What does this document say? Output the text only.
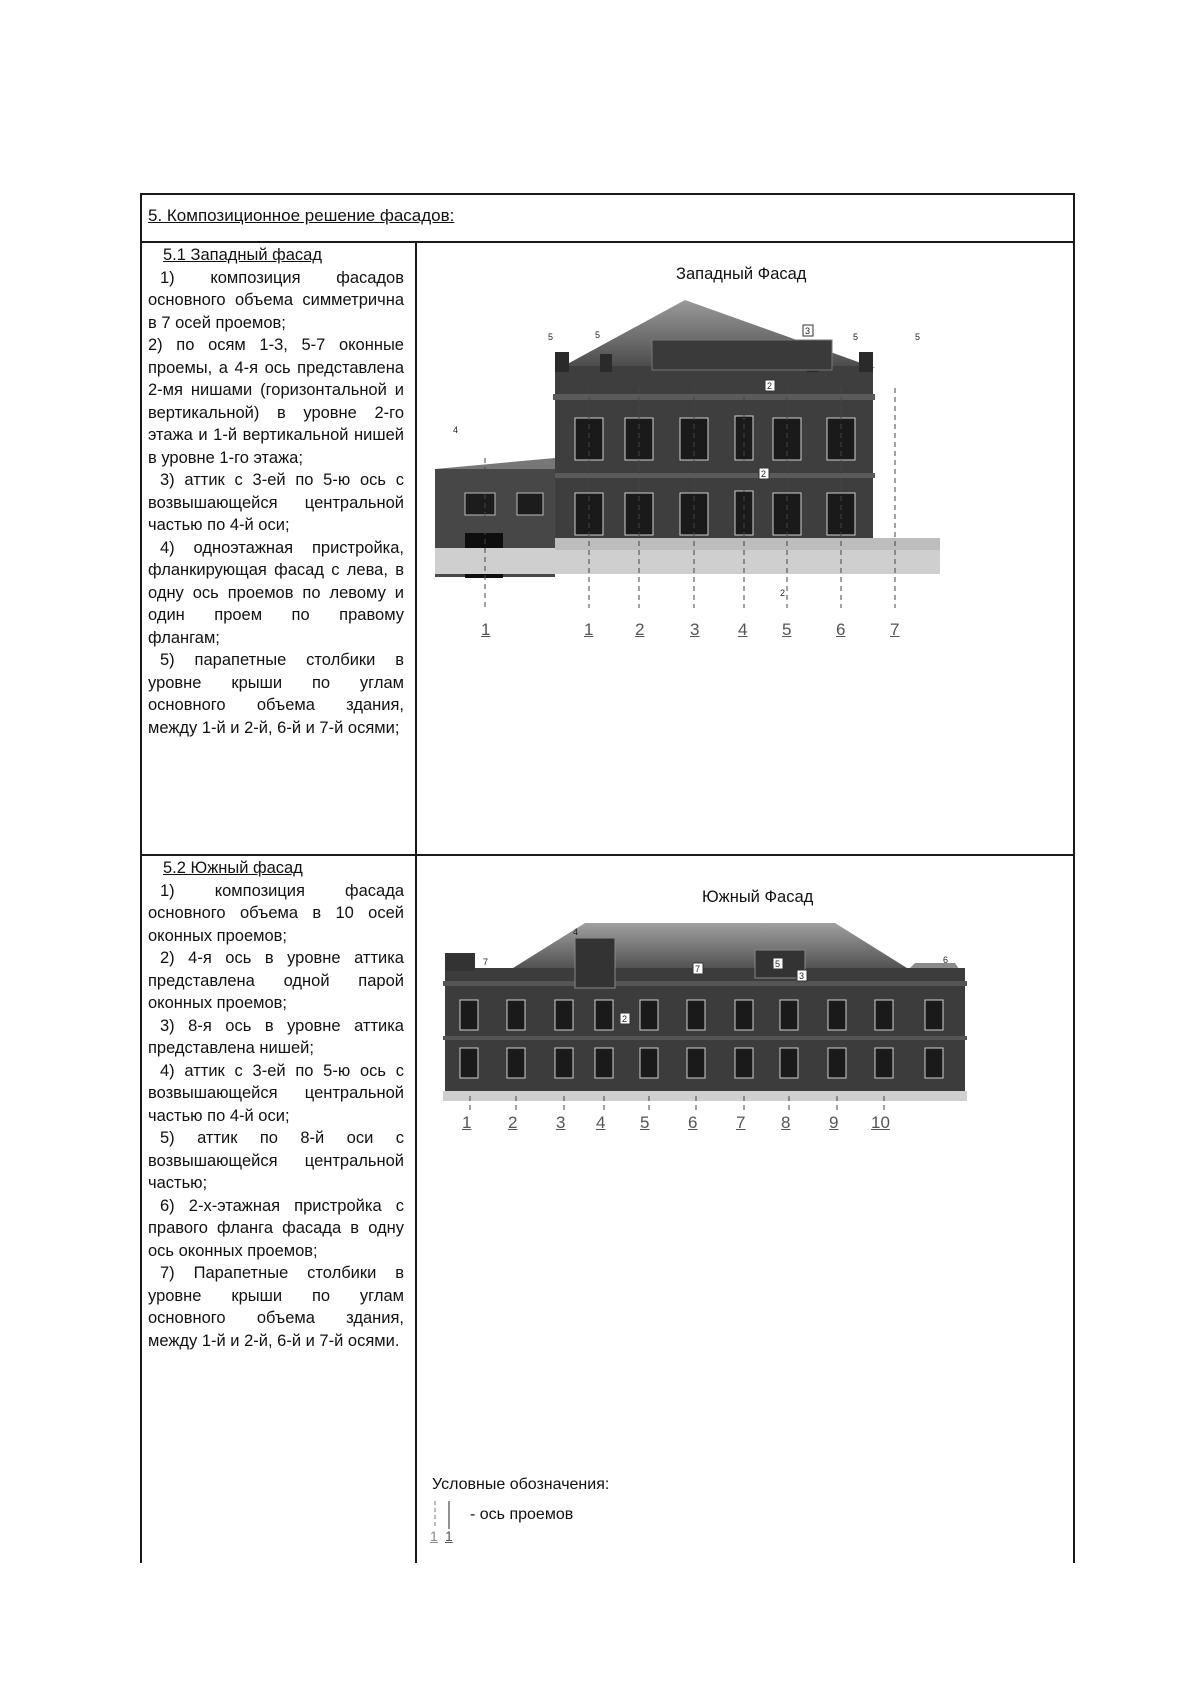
5. Композиционное решение фасадов:
5.1 Западный фасад

1) композиция фасадов основного объема симметрична в 7 осей проемов;

2) по осям 1-3, 5-7 оконные проемы, а 4-я ось представлена 2-мя нишами (горизонтальной и вертикальной) в уровне 2-го этажа и 1-й вертикальной нишей в уровне 1-го этажа;

3) аттик с 3-ей по 5-ю ось с возвышающейся центральной частью по 4-й оси;

4) одноэтажная пристройка, фланкирующая фасад с лева, в одну ось проемов по левому и один проем по правому флангам;

5) парапетные столбики в уровне крыши по углам основного объема здания, между 1-й и 2-й, 6-й и 7-й осями;

5.2 Южный фасад

1) композиция фасада основного объема в 10 осей оконных проемов;

2) 4-я ось в уровне аттика представлена одной парой оконных проемов;

3) 8-я ось в уровне аттика представлена нишей;

4) аттик с 3-ей по 5-ю ось с возвышающейся центральной частью по 4-й оси;

5) аттик по 8-й оси с возвышающейся центральной частью;

6) 2-х-этажная пристройка с правого фланга фасада в одну ось оконных проемов;

7) Парапетные столбики в уровне крыши по углам основного объема здания, между 1-й и 2-й, 6-й и 7-й осями.

Западный Фасад
3
2
2
5	5	5	5
4
2
1	1 2	3 4 5	6	7
Южный Фасад
4
7
7	5
3
6
2
1 2 3 4 5 6 7 8 9 10
Условные обозначения:
1 1
- ось проемов
